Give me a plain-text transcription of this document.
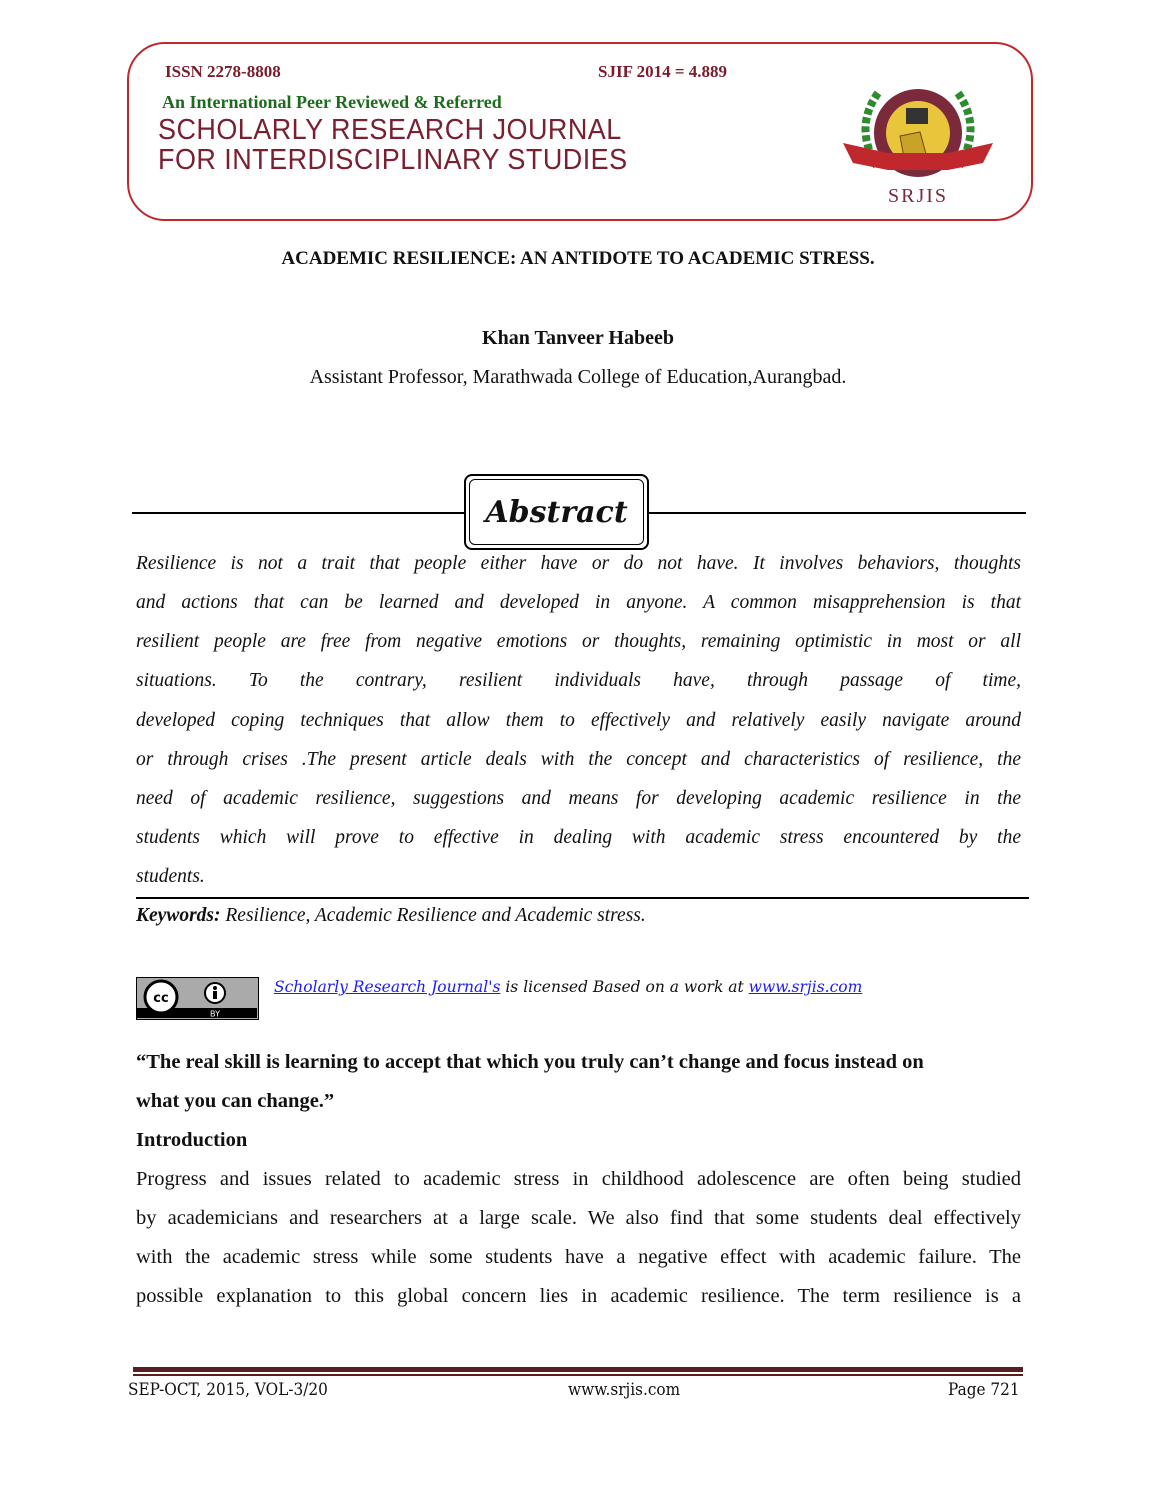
ISSN 2278-8808	SJIF 2014 = 4.889
An International Peer Reviewed & Referred
SCHOLARLY RESEARCH JOURNAL
FOR INTERDISCIPLINARY STUDIES
SRJIS
ACADEMIC RESILIENCE: AN ANTIDOTE TO ACADEMIC STRESS.
Khan Tanveer Habeeb
Assistant Professor, Marathwada College of Education,Aurangbad.
Abstract
Resilience is not a trait that people either have or do not have. It involves behaviors, thoughts
and actions that can be learned and developed in anyone. A common misapprehension is that
resilient people are free from negative emotions or thoughts, remaining optimistic in most or all
situations. To the contrary, resilient individuals have, through passage of time,
developed coping techniques that allow them to effectively and relatively easily navigate around
or through crises .The present article deals with the concept and characteristics of resilience, the
need of academic resilience, suggestions and means for developing academic resilience in the
students which will prove to effective in dealing with academic stress encountered by the
students.
Keywords: Resilience, Academic Resilience and Academic stress.
BY
cc
Scholarly Research Journal's is licensed Based on a work at www.srjis.com
“The real skill is learning to accept that which you truly can’t change and focus instead on
what you can change.”
Introduction
Progress and issues related to academic stress in childhood adolescence are often being studied
by academicians and researchers at a large scale. We also find that some students deal effectively
with the academic stress while some students have a negative effect with academic failure. The
possible explanation to this global concern lies in academic resilience. The term resilience is a
SEP-OCT, 2015, VOL-3/20	www.srjis.com	Page 721
